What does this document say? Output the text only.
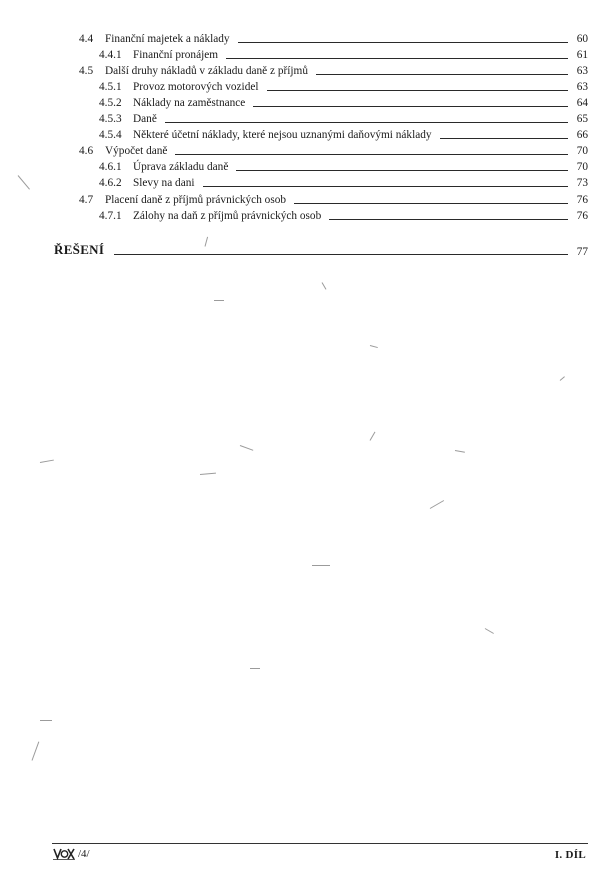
4.4	Finanční majetek a náklady	60
4.4.1	Finanční pronájem	61
4.5	Další druhy nákladů v základu daně z příjmů	63
4.5.1	Provoz motorových vozidel	63
4.5.2	Náklady na zaměstnance	64
4.5.3	Daně	65
4.5.4	Některé účetní náklady, které nejsou uznanými daňovými náklady	66
4.6	Výpočet daně	70
4.6.1	Úprava základu daně	70
4.6.2	Slevy na dani	73
4.7	Placení daně z příjmů právnických osob	76
4.7.1	Zálohy na daň z příjmů právnických osob	76
ŘEŠENÍ	77
/4/	I. DÍL
